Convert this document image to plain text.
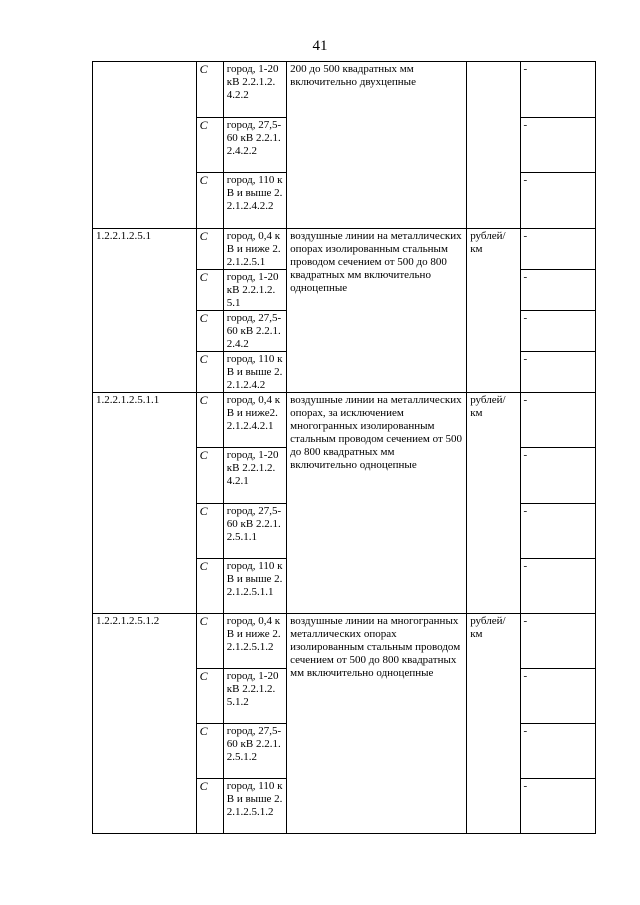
41
	С	город, 1-20 кВ 2.2.1.2.4.2.2	200 до 500 квадратных мм включительно двухцепные		-
	С	город, 27,5-60 кВ 2.2.1.2.4.2.2			-
	С	город, 110 кВ и выше 2.2.1.2.4.2.2			-
1.2.2.1.2.5.1	С	город, 0,4 кВ и ниже 2.2.1.2.5.1	воздушные линии на металлических опорах изолированным стальным проводом сечением от 500 до 800 квадратных мм включительно одноцепные	рублей/км	-
	С	город, 1-20 кВ 2.2.1.2.5.1			-
	С	город, 27,5-60 кВ 2.2.1.2.4.2			-
	С	город, 110 кВ и выше 2.2.1.2.4.2			-
1.2.2.1.2.5.1.1	С	город, 0,4 кВ и ниже2.2.1.2.4.2.1	воздушные линии на металлических опорах, за исключением многогранных изолированным стальным проводом сечением от 500 до 800 квадратных мм включительно одноцепные	рублей/км	-
	С	город, 1-20 кВ 2.2.1.2.4.2.1			-
	С	город, 27,5-60 кВ 2.2.1.2.5.1.1			-
	С	город, 110 кВ и выше 2.2.1.2.5.1.1			-
1.2.2.1.2.5.1.2	С	город, 0,4 кВ и ниже 2.2.1.2.5.1.2	воздушные линии на многогранных металлических опорах изолированным стальным проводом сечением от 500 до 800 квадратных мм включительно одноцепные	рублей/км	-
	С	город, 1-20 кВ 2.2.1.2.5.1.2			-
	С	город, 27,5-60 кВ 2.2.1.2.5.1.2			-
	С	город, 110 кВ и выше 2.2.1.2.5.1.2			-
